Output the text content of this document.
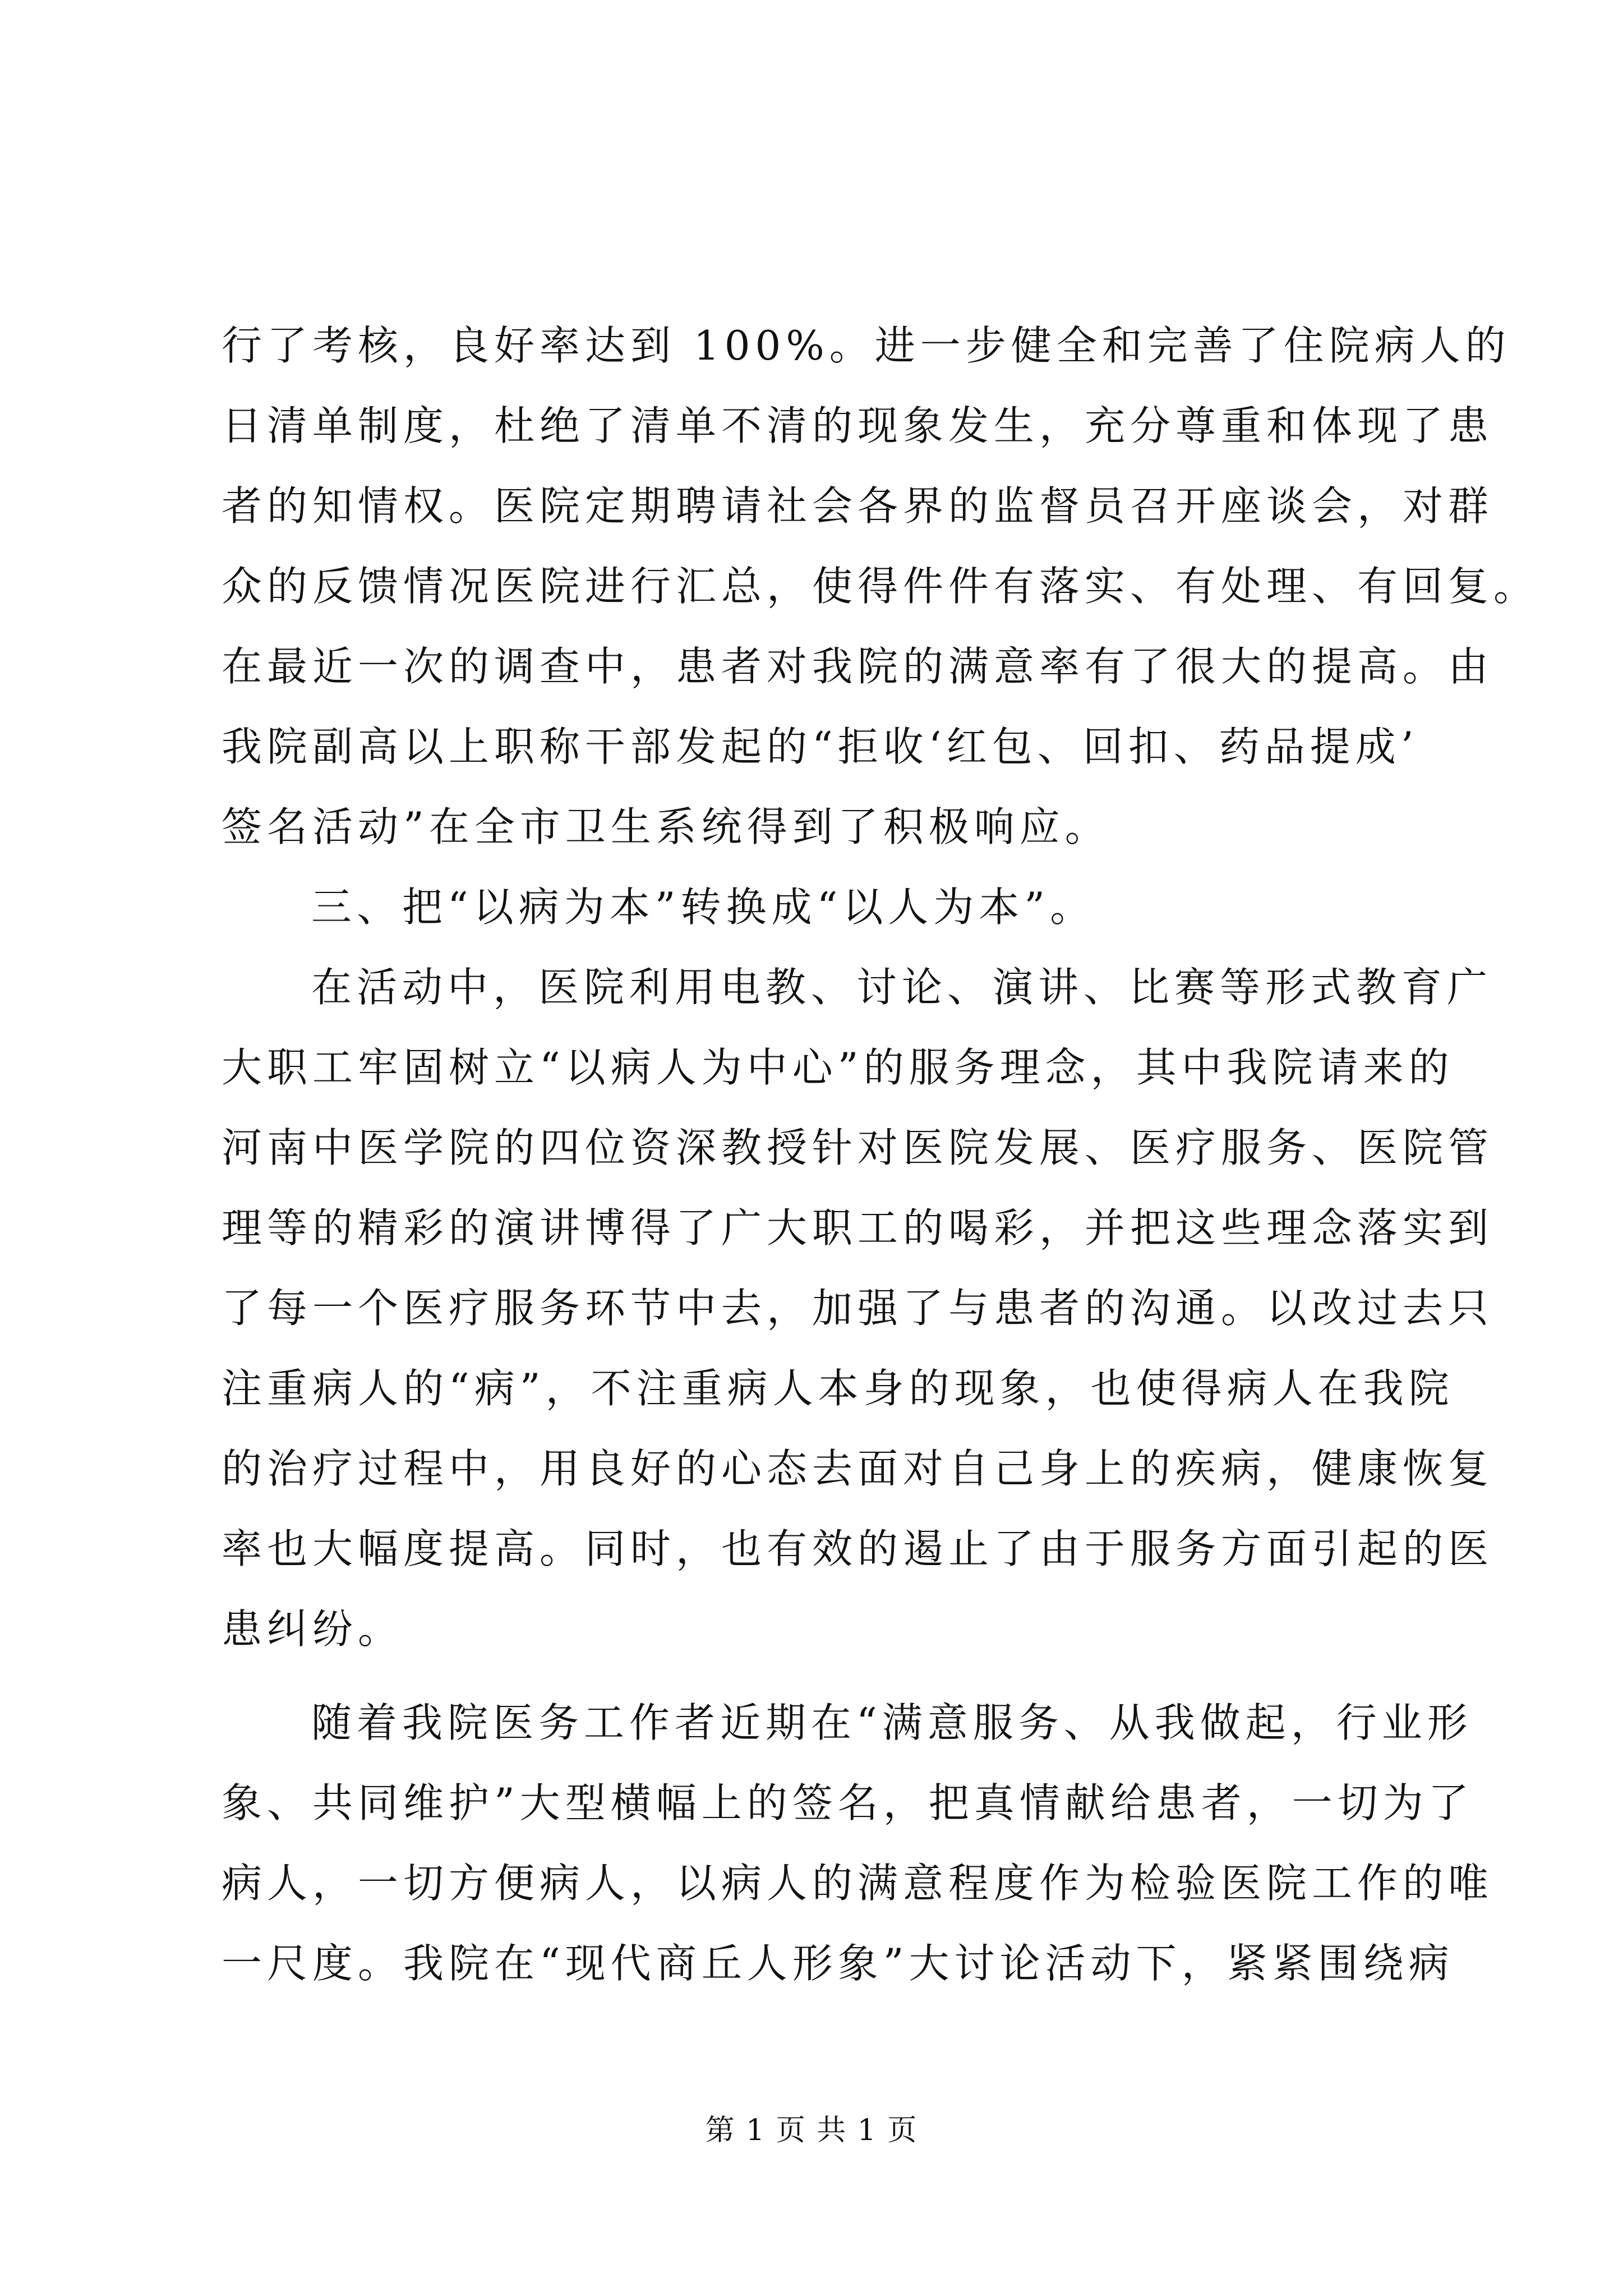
行了考核，良好率达到 100%。进一步健全和完善了住院病人的
日清单制度，杜绝了清单不清的现象发生，充分尊重和体现了患
者的知情权。医院定期聘请社会各界的监督员召开座谈会，对群
众的反馈情况医院进行汇总，使得件件有落实、有处理、有回复。
在最近一次的调查中，患者对我院的满意率有了很大的提高。由
我院副高以上职称干部发起的“拒收‘红包、回扣、药品提成’
签名活动”在全市卫生系统得到了积极响应。
三、把“以病为本”转换成“以人为本”。
在活动中，医院利用电教、讨论、演讲、比赛等形式教育广
大职工牢固树立“以病人为中心”的服务理念，其中我院请来的
河南中医学院的四位资深教授针对医院发展、医疗服务、医院管
理等的精彩的演讲博得了广大职工的喝彩，并把这些理念落实到
了每一个医疗服务环节中去，加强了与患者的沟通。以改过去只
注重病人的“病”，不注重病人本身的现象，也使得病人在我院
的治疗过程中，用良好的心态去面对自己身上的疾病，健康恢复
率也大幅度提高。同时，也有效的遏止了由于服务方面引起的医
患纠纷。
随着我院医务工作者近期在“满意服务、从我做起，行业形
象、共同维护”大型横幅上的签名，把真情献给患者，一切为了
病人，一切方便病人，以病人的满意程度作为检验医院工作的唯
一尺度。我院在“现代商丘人形象”大讨论活动下，紧紧围绕病
第 1 页 共 1 页
